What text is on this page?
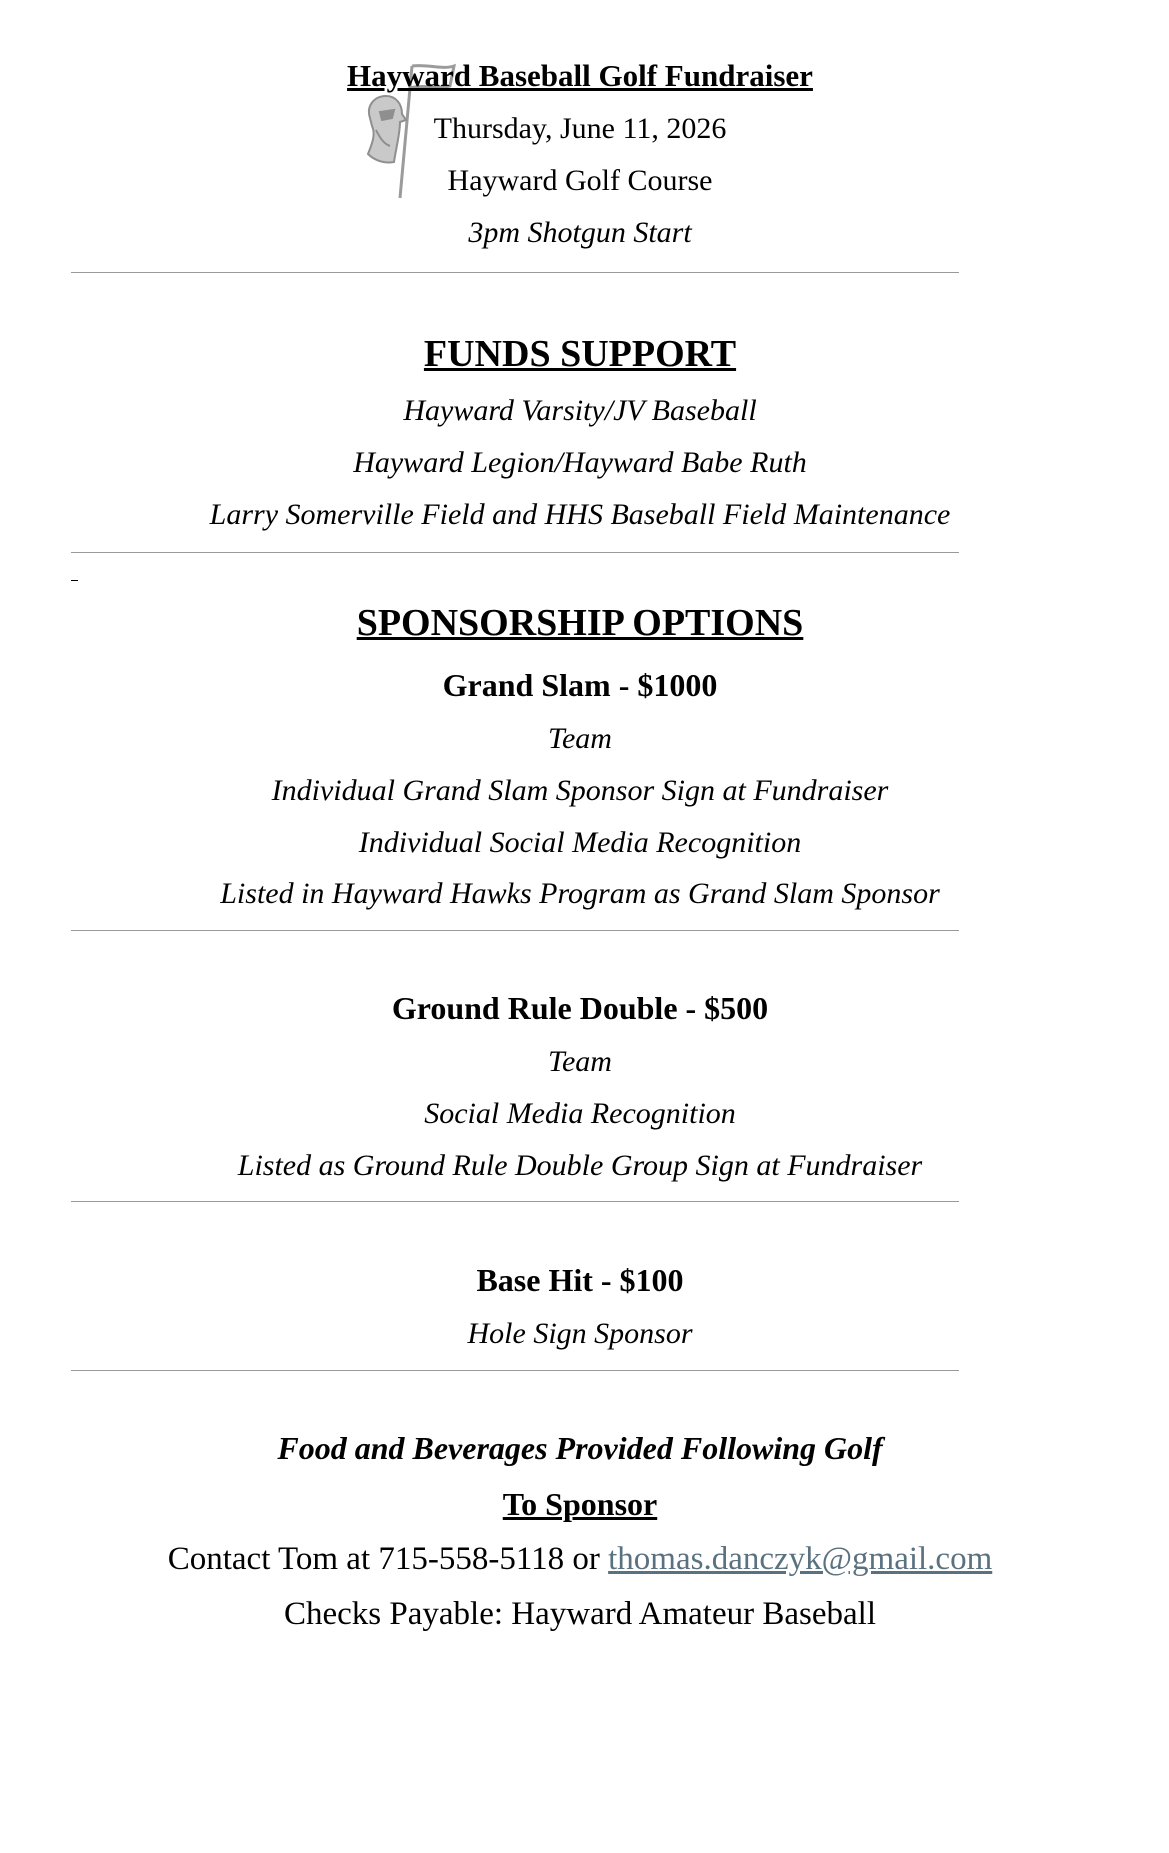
Hayward Baseball Golf Fundraiser
Thursday, June 11, 2026
Hayward Golf Course
3pm Shotgun Start
FUNDS SUPPORT
Hayward Varsity/JV Baseball
Hayward Legion/Hayward Babe Ruth
Larry Somerville Field and HHS Baseball Field Maintenance
SPONSORSHIP OPTIONS
Grand Slam - $1000
Team
Individual Grand Slam Sponsor Sign at Fundraiser
Individual Social Media Recognition
Listed in Hayward Hawks Program as Grand Slam Sponsor
Ground Rule Double - $500
Team
Social Media Recognition
Listed as Ground Rule Double Group Sign at Fundraiser
Base Hit - $100
Hole Sign Sponsor
Food and Beverages Provided Following Golf
To Sponsor
Contact Tom at 715-558-5118 or thomas.danczyk@gmail.com
Checks Payable: Hayward Amateur Baseball
